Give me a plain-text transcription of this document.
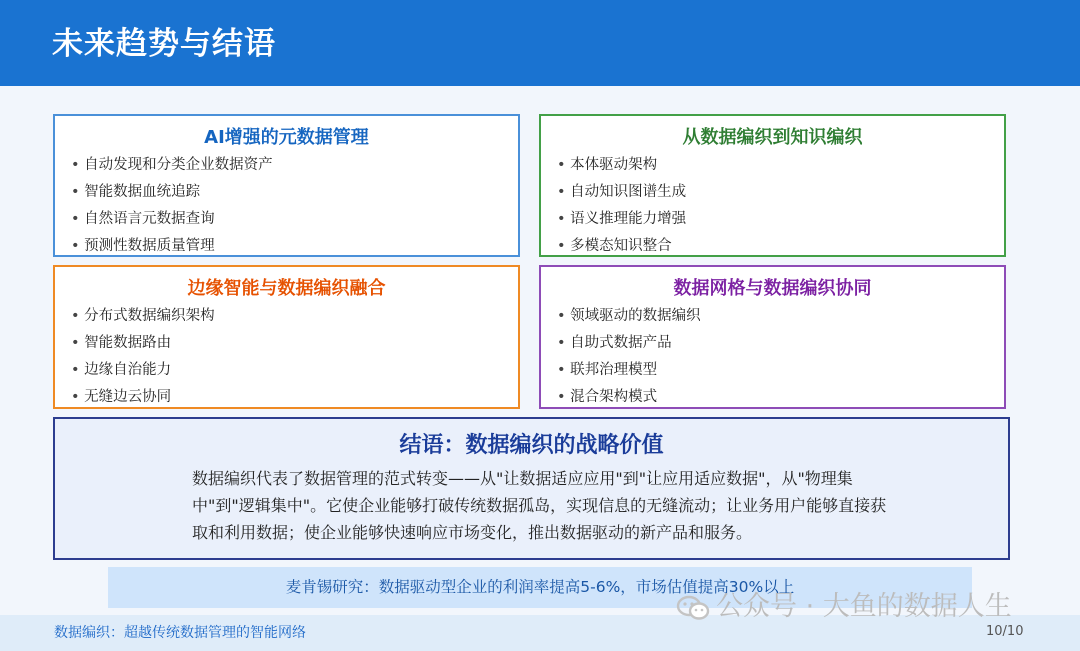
未来趋势与结语
AI增强的元数据管理
• 自动发现和分类企业数据资产
• 智能数据血统追踪
• 自然语言元数据查询
• 预测性数据质量管理
从数据编织到知识编织
• 本体驱动架构
• 自动知识图谱生成
• 语义推理能力增强
• 多模态知识整合
边缘智能与数据编织融合
• 分布式数据编织架构
• 智能数据路由
• 边缘自治能力
• 无缝边云协同
数据网格与数据编织协同
• 领域驱动的数据编织
• 自助式数据产品
• 联邦治理模型
• 混合架构模式
结语：数据编织的战略价值
数据编织代表了数据管理的范式转变——从"让数据适应应用"到"让应用适应数据"，从"物理集中"到"逻辑集中"。它使企业能够打破传统数据孤岛，实现信息的无缝流动；让业务用户能够直接获取和利用数据；使企业能够快速响应市场变化，推出数据驱动的新产品和服务。
麦肯锡研究：数据驱动型企业的利润率提高5-6%，市场估值提高30%以上
数据编织：超越传统数据管理的智能网络	10/10
公众号 · 大鱼的数据人生
